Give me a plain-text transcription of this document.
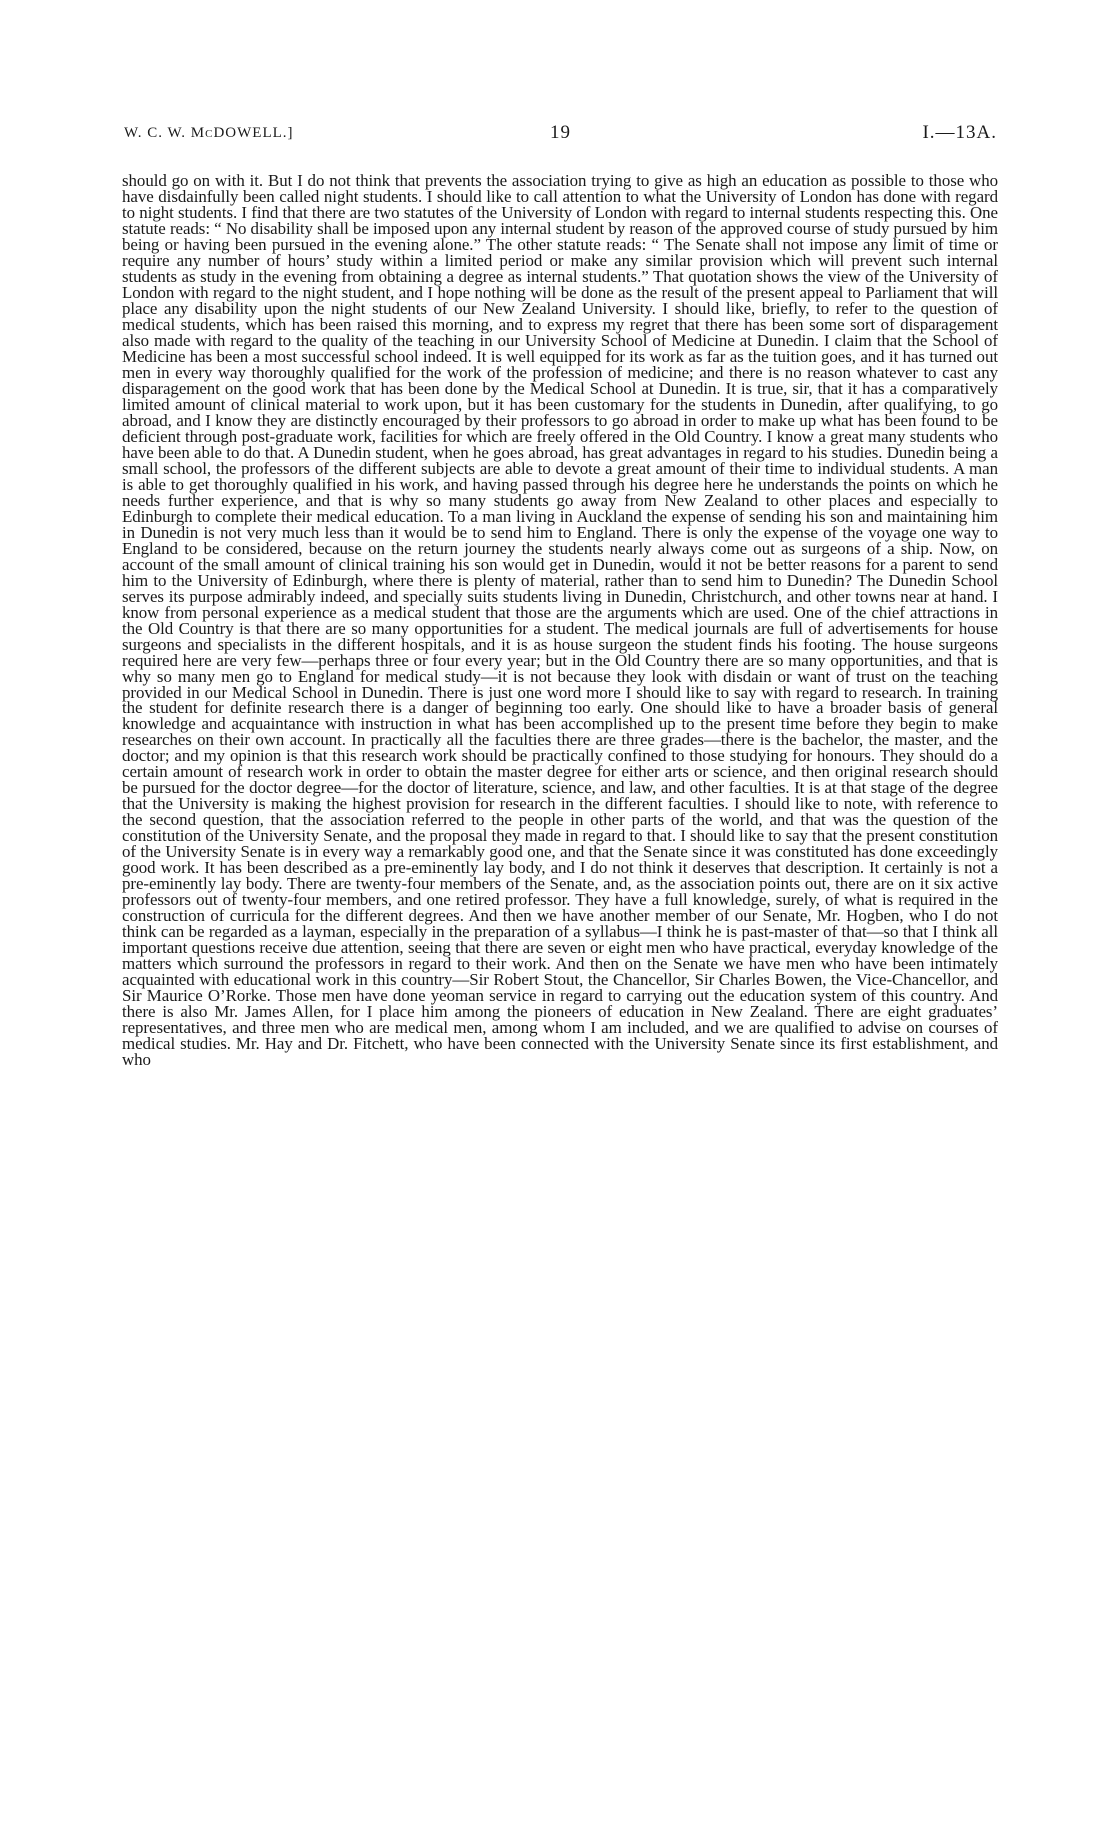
W. C. W. McDOWELL.]	19	I.—13A.
should go on with it. But I do not think that prevents the association trying to give as high an education as possible to those who have disdainfully been called night students. I should like to call attention to what the University of London has done with regard to night students. I find that there are two statutes of the University of London with regard to internal students respecting this. One statute reads: “ No disability shall be imposed upon any internal student by reason of the approved course of study pursued by him being or having been pursued in the evening alone.” The other statute reads: “ The Senate shall not impose any limit of time or require any number of hours’ study within a limited period or make any similar provision which will prevent such internal students as study in the evening from obtaining a degree as internal students.” That quotation shows the view of the University of London with regard to the night student, and I hope nothing will be done as the result of the present appeal to Parliament that will place any disability upon the night students of our New Zealand University. I should like, briefly, to refer to the question of medical students, which has been raised this morning, and to express my regret that there has been some sort of disparagement also made with regard to the quality of the teaching in our University School of Medicine at Dunedin. I claim that the School of Medicine has been a most successful school indeed. It is well equipped for its work as far as the tuition goes, and it has turned out men in every way thoroughly qualified for the work of the profession of medicine; and there is no reason whatever to cast any disparagement on the good work that has been done by the Medical School at Dunedin. It is true, sir, that it has a comparatively limited amount of clinical material to work upon, but it has been customary for the students in Dunedin, after qualifying, to go abroad, and I know they are distinctly encouraged by their professors to go abroad in order to make up what has been found to be deficient through post-graduate work, facilities for which are freely offered in the Old Country. I know a great many students who have been able to do that. A Dunedin student, when he goes abroad, has great advantages in regard to his studies. Dunedin being a small school, the professors of the different subjects are able to devote a great amount of their time to individual students. A man is able to get thoroughly qualified in his work, and having passed through his degree here he understands the points on which he needs further experience, and that is why so many students go away from New Zealand to other places and especially to Edinburgh to complete their medical education. To a man living in Auckland the expense of sending his son and maintaining him in Dunedin is not very much less than it would be to send him to England. There is only the expense of the voyage one way to England to be considered, because on the return journey the students nearly always come out as surgeons of a ship. Now, on account of the small amount of clinical training his son would get in Dunedin, would it not be better reasons for a parent to send him to the University of Edinburgh, where there is plenty of material, rather than to send him to Dunedin? The Dunedin School serves its purpose admirably indeed, and specially suits students living in Dunedin, Christchurch, and other towns near at hand. I know from personal experience as a medical student that those are the arguments which are used. One of the chief attractions in the Old Country is that there are so many opportunities for a student. The medical journals are full of advertisements for house surgeons and specialists in the different hospitals, and it is as house surgeon the student finds his footing. The house surgeons required here are very few—perhaps three or four every year; but in the Old Country there are so many opportunities, and that is why so many men go to England for medical study—it is not because they look with disdain or want of trust on the teaching provided in our Medical School in Dunedin. There is just one word more I should like to say with regard to research. In training the student for definite research there is a danger of beginning too early. One should like to have a broader basis of general knowledge and acquaintance with instruction in what has been accomplished up to the present time before they begin to make researches on their own account. In practically all the faculties there are three grades—there is the bachelor, the master, and the doctor; and my opinion is that this research work should be practically confined to those studying for honours. They should do a certain amount of research work in order to obtain the master degree for either arts or science, and then original research should be pursued for the doctor degree—for the doctor of literature, science, and law, and other faculties. It is at that stage of the degree that the University is making the highest provision for research in the different faculties. I should like to note, with reference to the second question, that the association referred to the people in other parts of the world, and that was the question of the constitution of the University Senate, and the proposal they made in regard to that. I should like to say that the present constitution of the University Senate is in every way a remarkably good one, and that the Senate since it was constituted has done exceedingly good work. It has been described as a pre-eminently lay body, and I do not think it deserves that description. It certainly is not a pre-eminently lay body. There are twenty-four members of the Senate, and, as the association points out, there are on it six active professors out of twenty-four members, and one retired professor. They have a full knowledge, surely, of what is required in the construction of curricula for the different degrees. And then we have another member of our Senate, Mr. Hogben, who I do not think can be regarded as a layman, especially in the preparation of a syllabus—I think he is past-master of that—so that I think all important questions receive due attention, seeing that there are seven or eight men who have practical, everyday knowledge of the matters which surround the professors in regard to their work. And then on the Senate we have men who have been intimately acquainted with educational work in this country—Sir Robert Stout, the Chancellor, Sir Charles Bowen, the Vice-Chancellor, and Sir Maurice O’Rorke. Those men have done yeoman service in regard to carrying out the education system of this country. And there is also Mr. James Allen, for I place him among the pioneers of education in New Zealand. There are eight graduates’ representatives, and three men who are medical men, among whom I am included, and we are qualified to advise on courses of medical studies. Mr. Hay and Dr. Fitchett, who have been connected with the University Senate since its first establishment, and who
